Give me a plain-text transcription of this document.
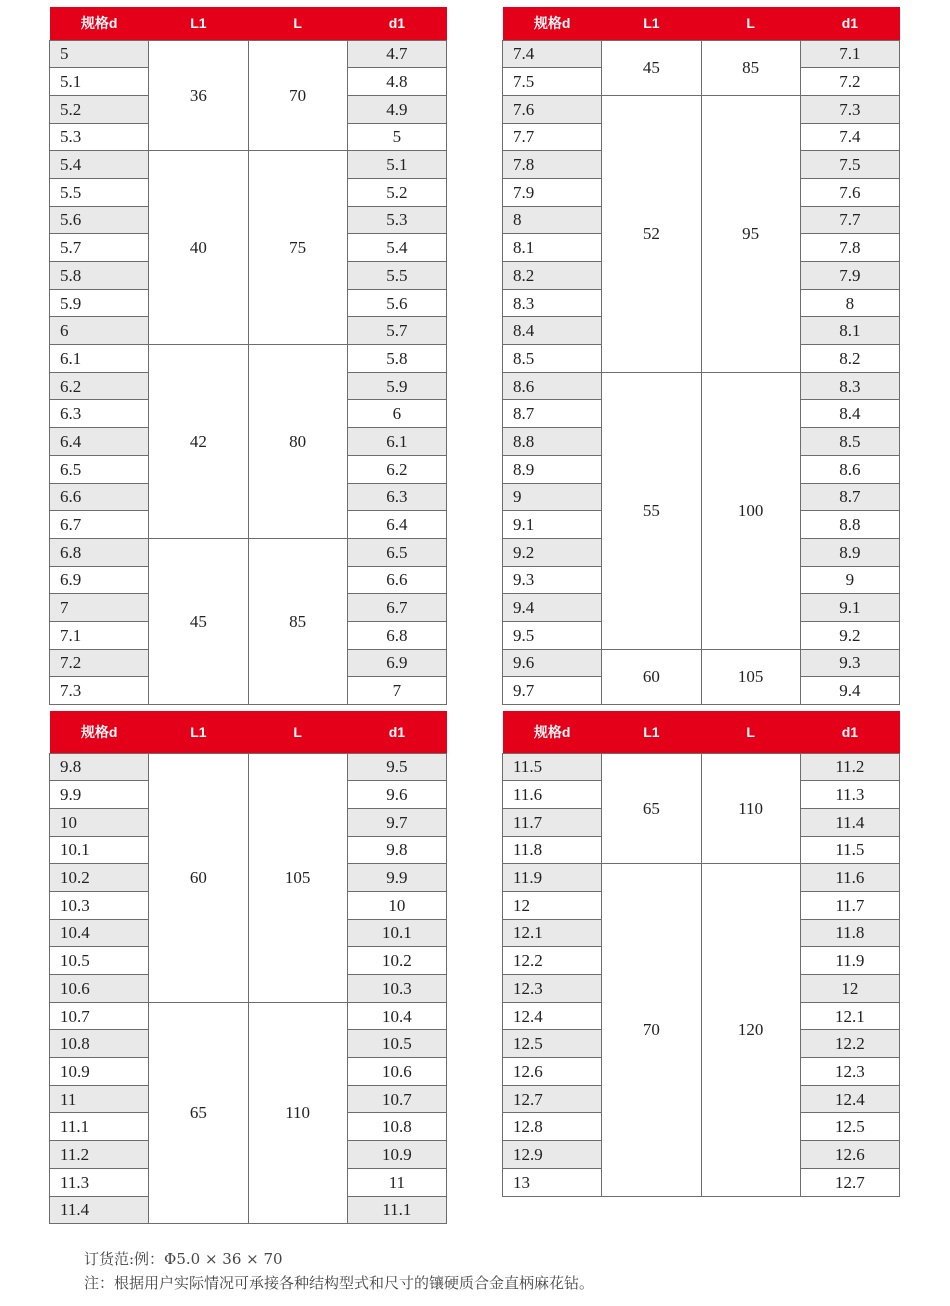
规格d	L1	L	d1
5	36	70	4.7
5.1			4.8
5.2			4.9
5.3			5
5.4	40	75	5.1
5.5			5.2
5.6			5.3
5.7			5.4
5.8			5.5
5.9			5.6
6			5.7
6.1	42	80	5.8
6.2			5.9
6.3			6
6.4			6.1
6.5			6.2
6.6			6.3
6.7			6.4
6.8	45	85	6.5
6.9			6.6
7			6.7
7.1			6.8
7.2			6.9
7.3			7
规格d	L1	L	d1
7.4	45	85	7.1
7.5			7.2
7.6	52	95	7.3
7.7			7.4
7.8			7.5
7.9			7.6
8			7.7
8.1			7.8
8.2			7.9
8.3			8
8.4			8.1
8.5			8.2
8.6	55	100	8.3
8.7			8.4
8.8			8.5
8.9			8.6
9			8.7
9.1			8.8
9.2			8.9
9.3			9
9.4			9.1
9.5			9.2
9.6	60	105	9.3
9.7			9.4
规格d	L1	L	d1
9.8	60	105	9.5
9.9			9.6
10			9.7
10.1			9.8
10.2			9.9
10.3			10
10.4			10.1
10.5			10.2
10.6			10.3
10.7	65	110	10.4
10.8			10.5
10.9			10.6
11			10.7
11.1			10.8
11.2			10.9
11.3			11
11.4			11.1
规格d	L1	L	d1
11.5	65	110	11.2
11.6			11.3
11.7			11.4
11.8			11.5
11.9	70	120	11.6
12			11.7
12.1			11.8
12.2			11.9
12.3			12
12.4			12.1
12.5			12.2
12.6			12.3
12.7			12.4
12.8			12.5
12.9			12.6
13			12.7
订货范:例：Φ5.0 × 36 × 70
注：根据用户实际情况可承接各种结构型式和尺寸的镶硬质合金直柄麻花钻。
